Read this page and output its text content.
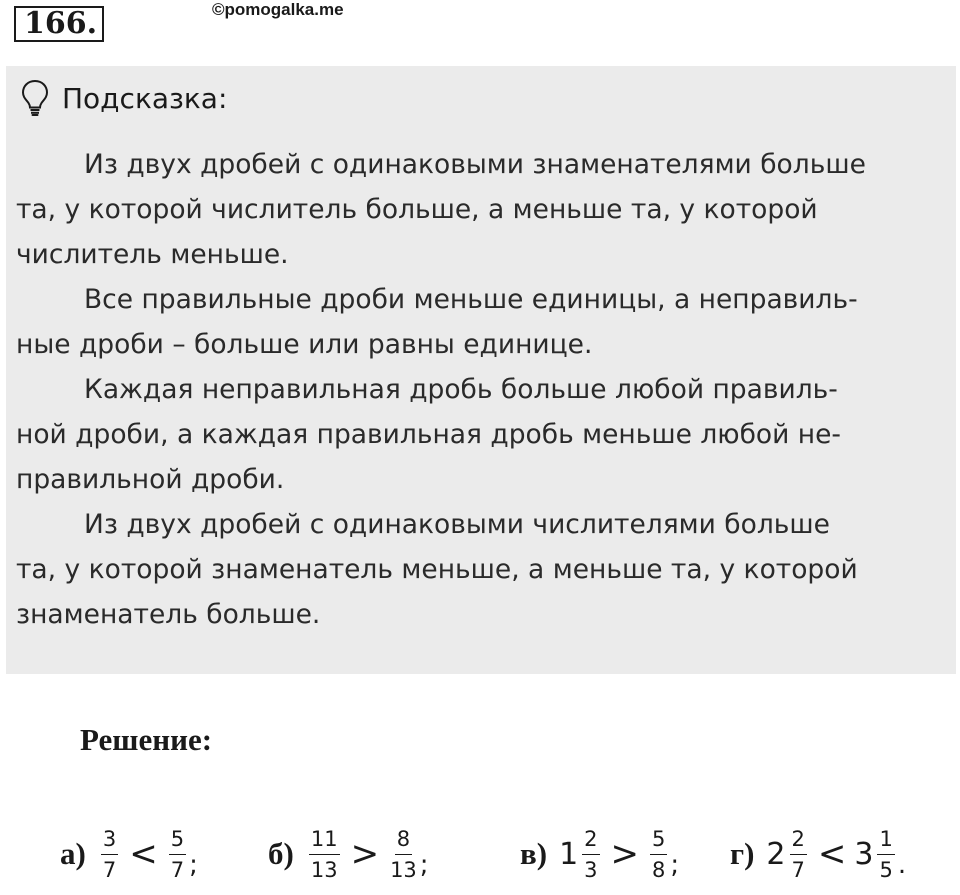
166.	©pomogalka.me
Подсказка:

Из двух дробей с одинаковыми знаменателями больше
та, у которой числитель больше, а меньше та, у которой
числитель меньше.

Все правильные дроби меньше единицы, а неправиль-
ные дроби – больше или равны единице.

Каждая неправильная дробь больше любой правиль-
ной дроби, а каждая правильная дробь меньше любой не-
правильной дроби.

Из двух дробей с одинаковыми числителями больше
та, у которой знаменатель меньше, а меньше та, у которой
знаменатель больше.

Решение:
$а) \frac{3}{7} < \frac{5}{7}$ ; $б) \frac{11}{13} > \frac{8}{13}$ ;	в) $1 \frac{2}{3} > \frac{5}{8}$ ; г) $2 \frac{2}{7} < 3 \frac{1}{5}$ .
